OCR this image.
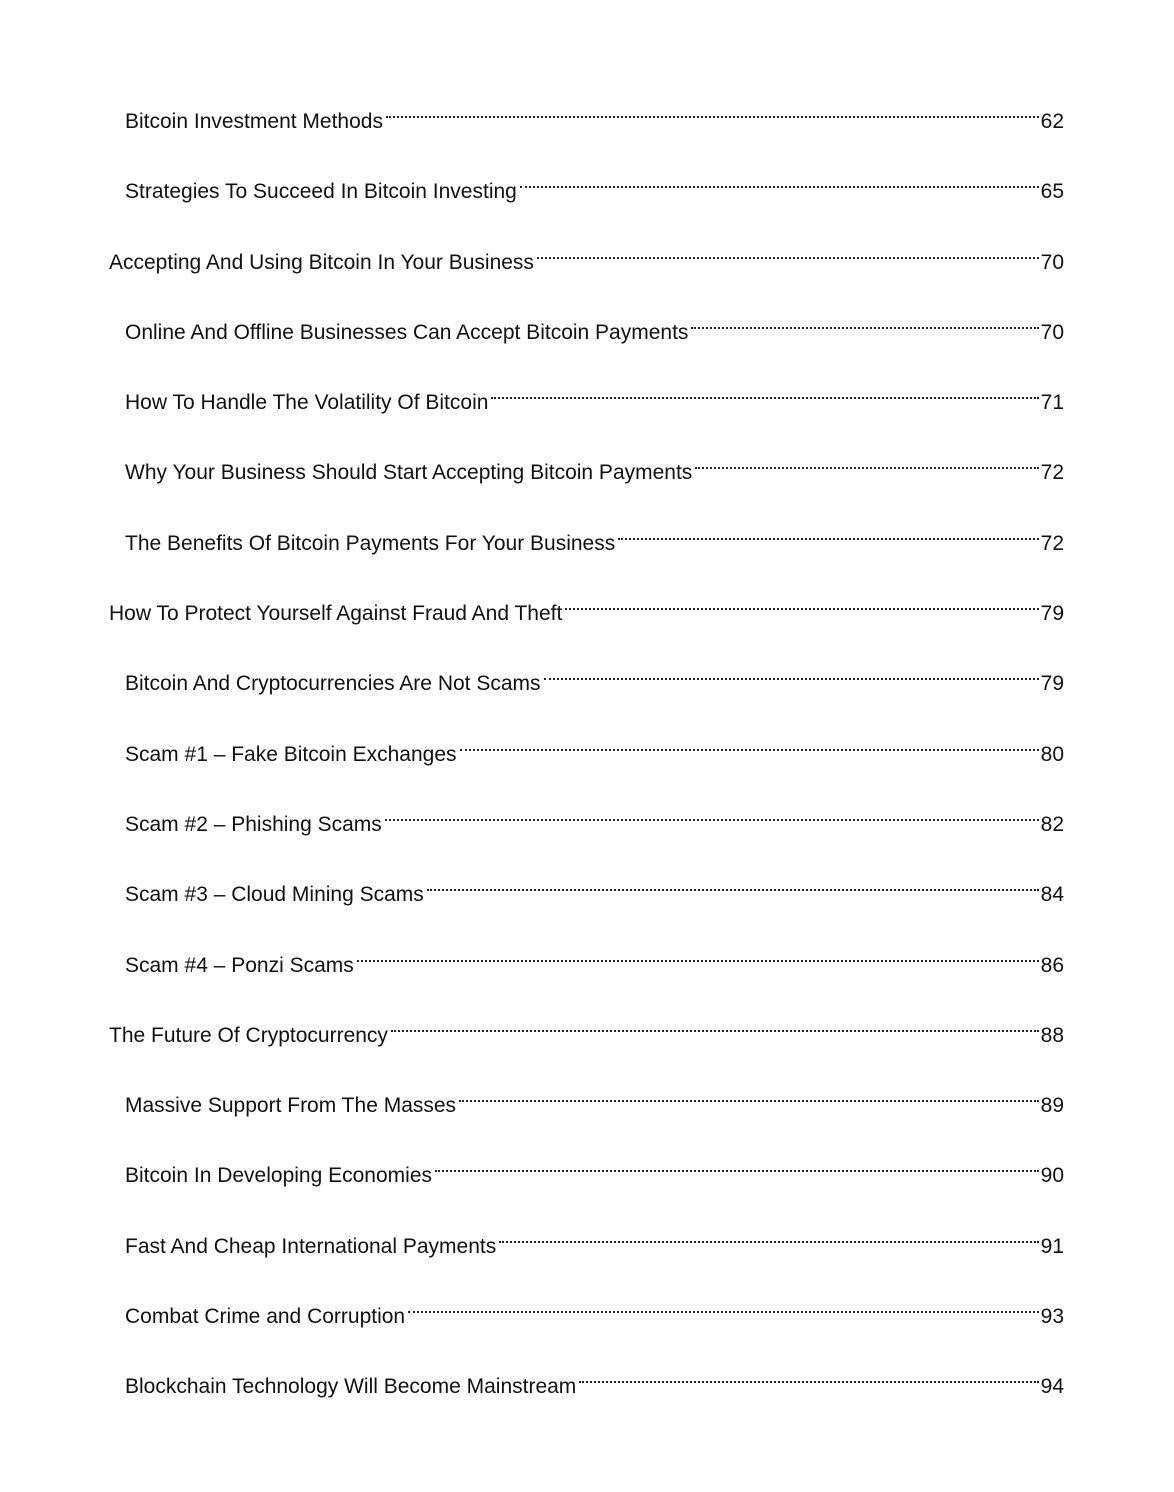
Bitcoin Investment Methods	62
Strategies To Succeed In Bitcoin Investing	65
Accepting And Using Bitcoin In Your Business	70
Online And Offline Businesses Can Accept Bitcoin Payments	70
How To Handle The Volatility Of Bitcoin	71
Why Your Business Should Start Accepting Bitcoin Payments	72
The Benefits Of Bitcoin Payments For Your Business	72
How To Protect Yourself Against Fraud And Theft	79
Bitcoin And Cryptocurrencies Are Not Scams	79
Scam #1 – Fake Bitcoin Exchanges	80
Scam #2 – Phishing Scams	82
Scam #3 – Cloud Mining Scams	84
Scam #4 – Ponzi Scams	86
The Future Of Cryptocurrency	88
Massive Support From The Masses	89
Bitcoin In Developing Economies	90
Fast And Cheap International Payments	91
Combat Crime and Corruption	93
Blockchain Technology Will Become Mainstream	94
